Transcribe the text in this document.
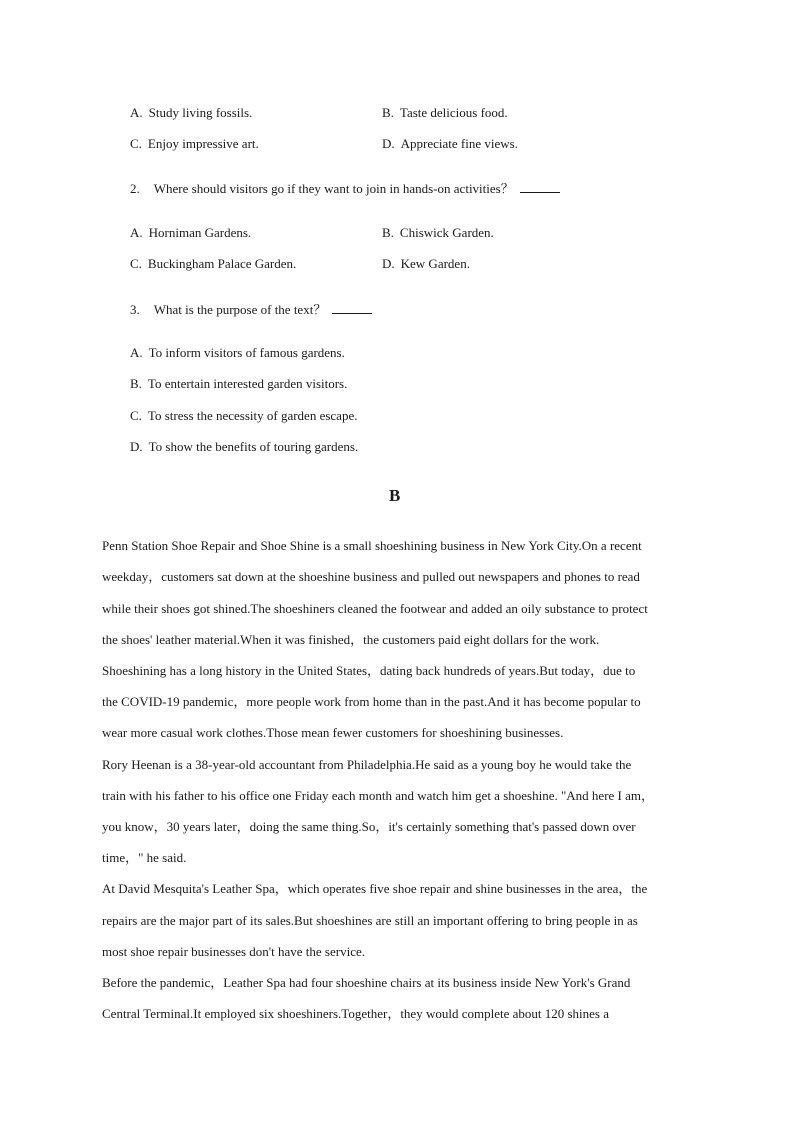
A. Study living fossils.	B. Taste delicious food.
C. Enjoy impressive art.	D. Appreciate fine views.
2. Where should visitors go if they want to join in hands-on activities？
A. Horniman Gardens.	B. Chiswick Garden.
C. Buckingham Palace Garden.	D. Kew Garden.
3. What is the purpose of the text？
A. To inform visitors of famous gardens.
B. To entertain interested garden visitors.
C. To stress the necessity of garden escape.
D. To show the benefits of touring gardens.
B
Penn Station Shoe Repair and Shoe Shine is a small shoeshining business in New York City.On a recent
weekday，customers sat down at the shoeshine business and pulled out newspapers and phones to read
while their shoes got shined.The shoeshiners cleaned the footwear and added an oily substance to protect
the shoes' leather material.When it was finished，the customers paid eight dollars for the work.
Shoeshining has a long history in the United States，dating back hundreds of years.But today，due to
the COVID-19 pandemic，more people work from home than in the past.And it has become popular to
wear more casual work clothes.Those mean fewer customers for shoeshining businesses.
Rory Heenan is a 38-year-old accountant from Philadelphia.He said as a young boy he would take the
train with his father to his office one Friday each month and watch him get a shoeshine. "And here I am，
you know，30 years later，doing the same thing.So，it's certainly something that's passed down over
time，" he said.
At David Mesquita's Leather Spa，which operates five shoe repair and shine businesses in the area，the
repairs are the major part of its sales.But shoeshines are still an important offering to bring people in as
most shoe repair businesses don't have the service.
Before the pandemic，Leather Spa had four shoeshine chairs at its business inside New York's Grand
Central Terminal.It employed six shoeshiners.Together，they would complete about 120 shines a
